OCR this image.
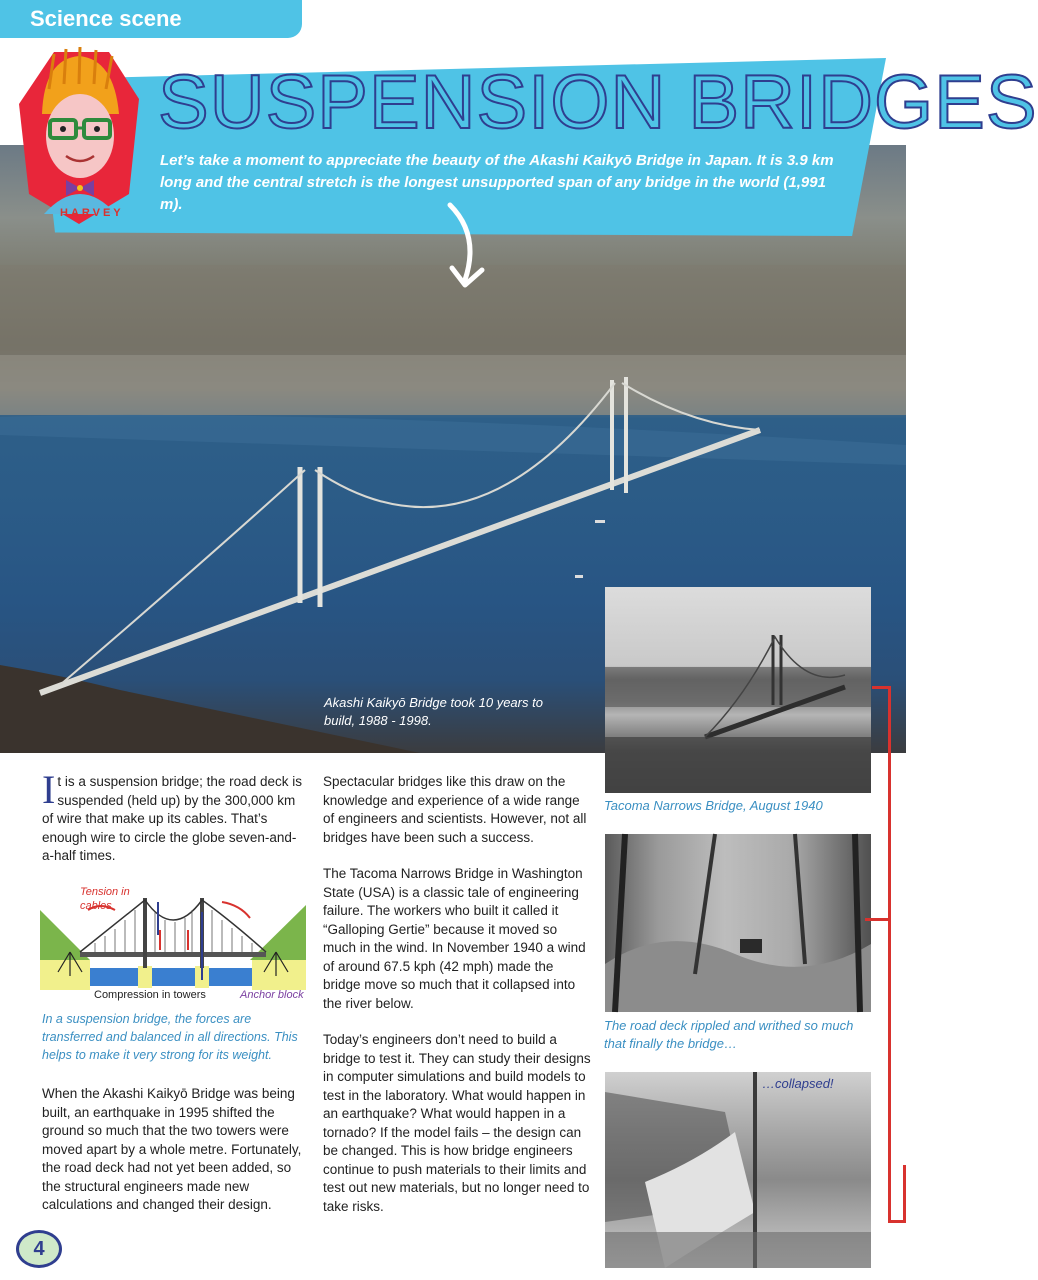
Science scene
SUSPENSION BRIDGES

Let’s take a moment to appreciate the beauty of the Akashi Kaikyō Bridge in Japan. It is 3.9 km long and the central stretch is the longest unsupported span of any bridge in the world (1,991 m).

HARVEY

Akashi Kaikyō Bridge took 10 years to build, 1988 - 1998.

It is a suspension bridge; the road deck is suspended (held up) by the 300,000 km of wire that make up its cables. That’s enough wire to circle the globe seven-and-a-half times.

Tension in
cables
Compression in towers	Anchor block

In a suspension bridge, the forces are transferred and balanced in all directions. This helps to make it very strong for its weight.

When the Akashi Kaikyō Bridge was being built, an earthquake in 1995 shifted the ground so much that the two towers were moved apart by a whole metre. Fortunately, the road deck had not yet been added, so the structural engineers made new calculations and changed their design.

Spectacular bridges like this draw on the knowledge and experience of a wide range of engineers and scientists. However, not all bridges have been such a success.

The Tacoma Narrows Bridge in Washington State (USA) is a classic tale of engineering failure. The workers who built it called it “Galloping Gertie” because it moved so much in the wind. In November 1940 a wind of around 67.5 kph (42 mph) made the bridge move so much that it collapsed into the river below.

Today’s engineers don’t need to build a bridge to test it. They can study their designs in computer simulations and build models to test in the laboratory. What would happen in an earthquake? What would happen in a tornado? If the model fails – the design can be changed. This is how bridge engineers continue to push materials to their limits and test out new materials, but no longer need to take risks.

Tacoma Narrows Bridge, August 1940

The road deck rippled and writhed so much that finally the bridge…

…collapsed!
4
